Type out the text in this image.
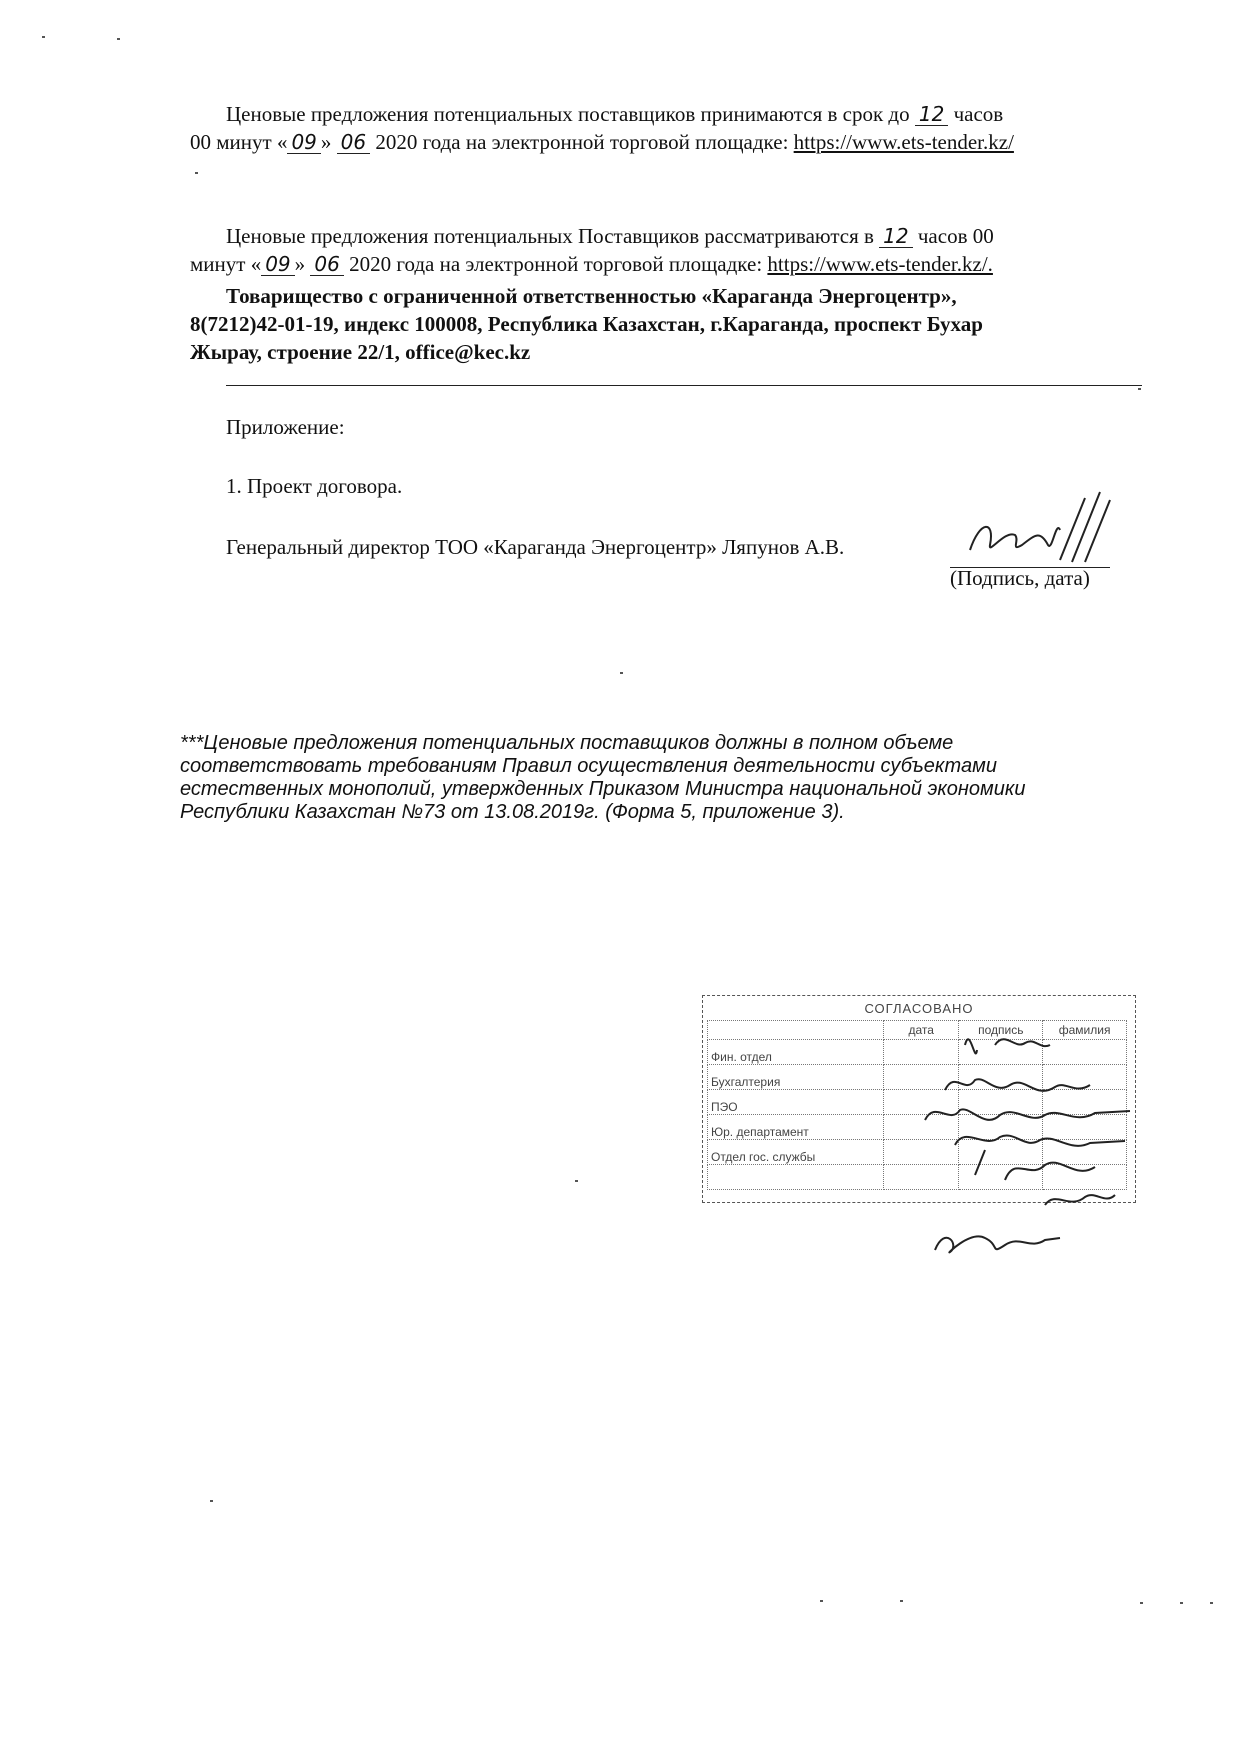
Ценовые предложения потенциальных поставщиков принимаются в срок до 12 часов
00 минут « 09 » 06 2020 года на электронной торговой площадке: https://www.ets-tender.kz/
Ценовые предложения потенциальных Поставщиков рассматриваются в 12 часов 00
минут « 09 » 06 2020 года на электронной торговой площадке: https://www.ets-tender.kz/.
Товарищество с ограниченной ответственностью «Караганда Энергоцентр»,
8(7212)42-01-19, индекс 100008, Республика Казахстан, г.Караганда, проспект Бухар
Жырау, строение 22/1, office@kec.kz
Приложение:
1. Проект договора.
Генеральный директор ТОО «Караганда Энергоцентр» Ляпунов А.В.
(Подпись, дата)
***Ценовые предложения потенциальных поставщиков должны в полном объеме
соответствовать требованиям Правил осуществления деятельности субъектами
естественных монополий, утвержденных Приказом Министра национальной экономики
Республики Казахстан №73 от 13.08.2019г. (Форма 5, приложение 3).
СОГЛАСОВАНО
	дата	подпись	фамилия
Фин. отдел			
Бухгалтерия			
ПЭО			
Юр. департамент			
Отдел гос. службы			
